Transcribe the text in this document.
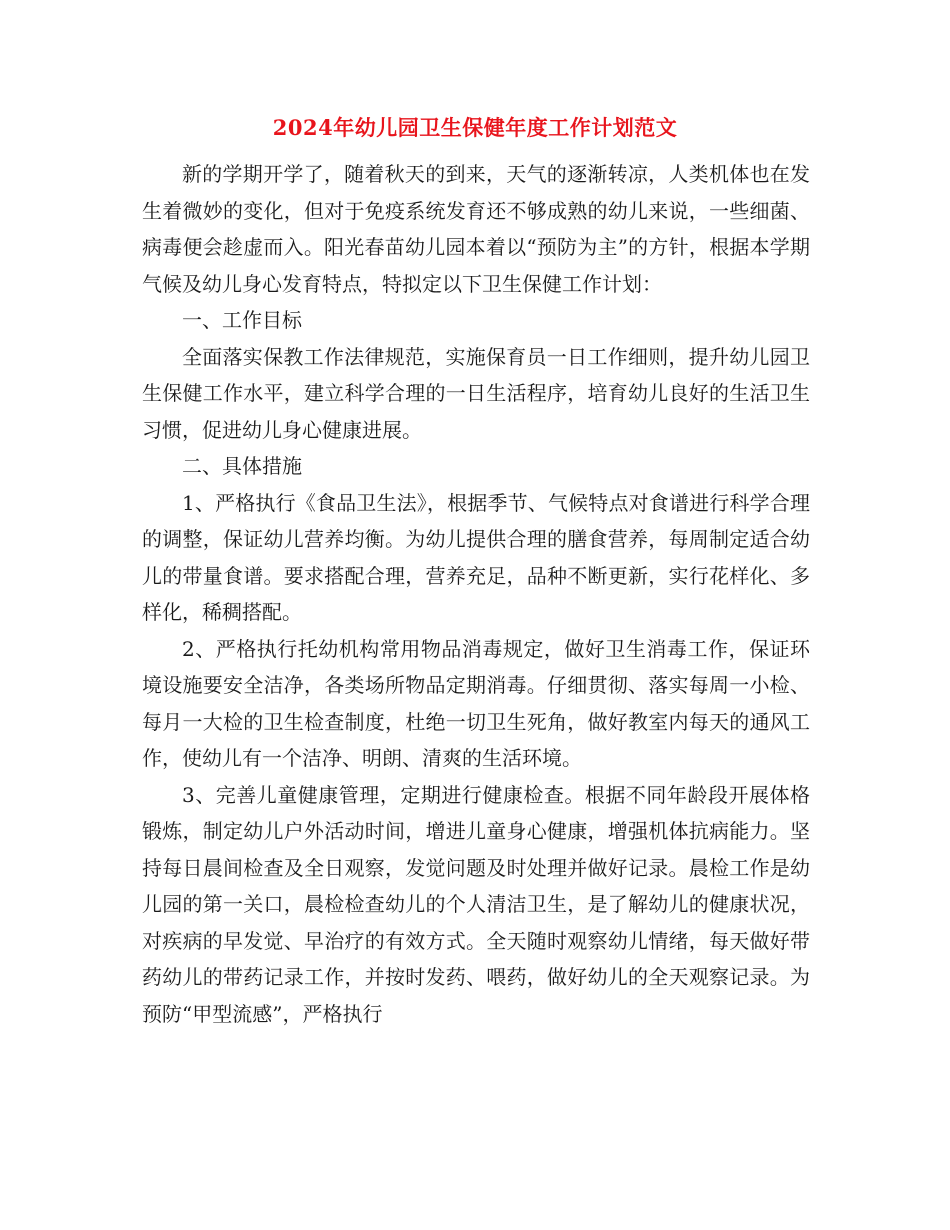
2024年幼儿园卫生保健年度工作计划范文

新的学期开学了，随着秋天的到来，天气的逐渐转凉，人类机体也在发生着微妙的变化，但对于免疫系统发育还不够成熟的幼儿来说，一些细菌、病毒便会趁虚而入。阳光春苗幼儿园本着以“预防为主”的方针，根据本学期气候及幼儿身心发育特点，特拟定以下卫生保健工作计划：

一、工作目标

全面落实保教工作法律规范，实施保育员一日工作细则，提升幼儿园卫生保健工作水平，建立科学合理的一日生活程序，培育幼儿良好的生活卫生习惯，促进幼儿身心健康进展。

二、具体措施

1、严格执行《食品卫生法》，根据季节、气候特点对食谱进行科学合理的调整，保证幼儿营养均衡。为幼儿提供合理的膳食营养，每周制定适合幼儿的带量食谱。要求搭配合理，营养充足，品种不断更新，实行花样化、多样化，稀稠搭配。

2、严格执行托幼机构常用物品消毒规定，做好卫生消毒工作，保证环境设施要安全洁净，各类场所物品定期消毒。仔细贯彻、落实每周一小检、每月一大检的卫生检查制度，杜绝一切卫生死角，做好教室内每天的通风工作，使幼儿有一个洁净、明朗、清爽的生活环境。

3、完善儿童健康管理，定期进行健康检查。根据不同年龄段开展体格锻炼，制定幼儿户外活动时间，增进儿童身心健康，增强机体抗病能力。坚持每日晨间检查及全日观察，发觉问题及时处理并做好记录。晨检工作是幼儿园的第一关口，晨检检查幼儿的个人清洁卫生，是了解幼儿的健康状况，对疾病的早发觉、早治疗的有效方式。全天随时观察幼儿情绪，每天做好带药幼儿的带药记录工作，并按时发药、喂药，做好幼儿的全天观察记录。为预防“甲型流感”，严格执行
